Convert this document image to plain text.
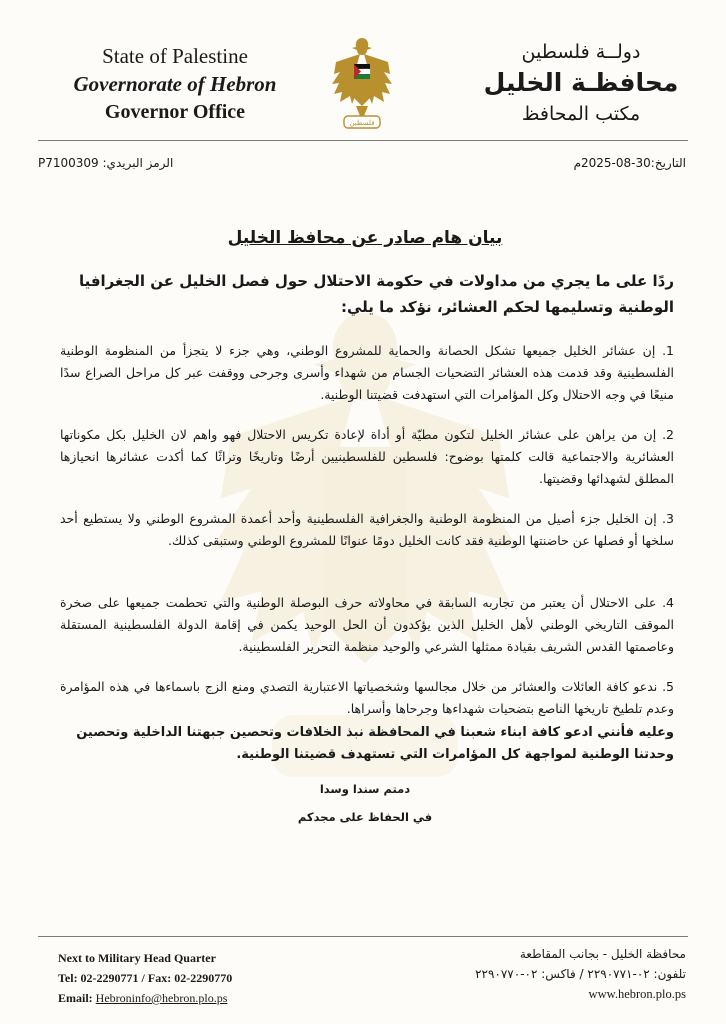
State of Palestine
Governorate of Hebron
Governor Office	فلسطين
دولــة فلسطين
محافظـة الخليل
مكتب المحافظ
الرمز البريدي: P7100309	التاريخ:30-08-2025م
بيان هام صادر عن محافظ الخليل
ردًا على ما يجري من مداولات في حكومة الاحتلال حول فصل الخليل عن الجغرافيا الوطنية وتسليمها لحكم العشائر، نؤكد ما يلي:
1. إن عشائر الخليل جميعها تشكل الحصانة والحماية للمشروع الوطني، وهي جزء لا يتجزأ من المنظومة الوطنية الفلسطينية وقد قدمت هذه العشائر التضحيات الجسام من شهداء وأسرى وجرحى ووقفت عبر كل مراحل الصراع سدًا منيعًا في وجه الاحتلال وكل المؤامرات التي استهدفت قضيتنا الوطنية.
2. إن من يراهن على عشائر الخليل لتكون مطيّة أو أداة لإعادة تكريس الاحتلال فهو واهم لان الخليل بكل مكوناتها العشائرية والاجتماعية قالت كلمتها بوضوح: فلسطين للفلسطينيين أرضًا وتاريخًا وتراثًا كما أكدت عشائرها انحيازها المطلق لشهدائها وقضيتها.
3. إن الخليل جزء أصيل من المنظومة الوطنية والجغرافية الفلسطينية وأحد أعمدة المشروع الوطني ولا يستطيع أحد سلخها أو فصلها عن حاضنتها الوطنية فقد كانت الخليل دومًا عنوانًا للمشروع الوطني وستبقى كذلك.
4. على الاحتلال أن يعتبر من تجاربه السابقة في محاولاته حرف البوصلة الوطنية والتي تحطمت جميعها على صخرة الموقف التاريخي الوطني لأهل الخليل الذين يؤكدون أن الحل الوحيد يكمن في إقامة الدولة الفلسطينية المستقلة وعاصمتها القدس الشريف بقيادة ممثلها الشرعي والوحيد منظمة التحرير الفلسطينية.
5. ندعو كافة العائلات والعشائر من خلال مجالسها وشخصياتها الاعتبارية التصدي ومنع الزج باسماءها في هذه المؤامرة وعدم تلطيخ تاريخها الناصع بتضحيات شهداءها وجرحاها وأسراها.
وعليه فأنني ادعو كافة ابناء شعبنا في المحافظة نبذ الخلافات وتحصين جبهتنا الداخلية وتحصين وحدتنا الوطنية لمواجهة كل المؤامرات التي تستهدف قضيتنا الوطنية.
دمتم سندا وسدا
في الحفاظ على مجدكم
Next to Military Head Quarter
Tel: 02-2290771 / Fax: 02-2290770
Email: Hebroninfo@hebron.plo.ps
محافظة الخليل - بجانب المقاطعة
تلفون: ٠٢-٢٢٩٠٧٧١ / فاكس: ٠٢-٢٢٩٠٧٧٠
www.hebron.plo.ps
